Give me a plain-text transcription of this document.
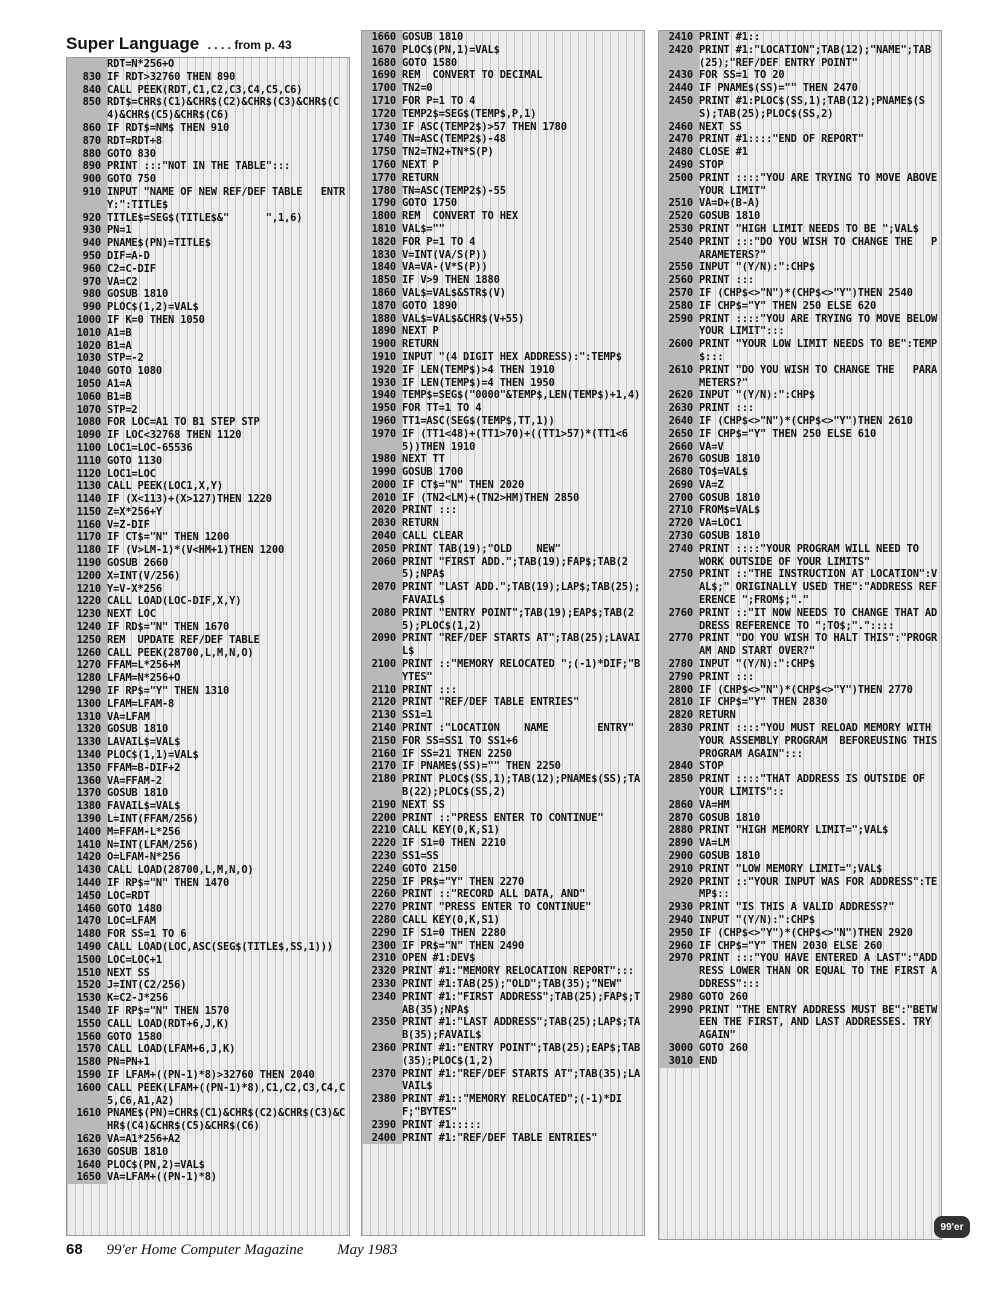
Super Language . . . . from p. 43
RDT=N*256+O
830 IF RDT>32760 THEN 890
840 CALL PEEK(RDT,C1,C2,C3,C4,C5,C6)
850 RDT$=CHR$(C1)&CHR$(C2)&CHR$(C3)&CHR$(C4)&CHR$(C5)&CHR$(C6)
860 IF RDT$=NM$ THEN 910
870 RDT=RDT+8
880 GOTO 830
890 PRINT :::"NOT IN THE TABLE":::
900 GOTO 750
910 INPUT "NAME OF NEW REF/DEF TABLE   ENTRY:":TITLE$
920 TITLE$=SEG$(TITLE$&"      ",1,6)
930 PN=1
940 PNAME$(PN)=TITLE$
950 DIF=A-D
960 C2=C-DIF
970 VA=C2
980 GOSUB 1810
990 PLOC$(1,2)=VAL$
1000 IF K=0 THEN 1050
1010 A1=B
1020 B1=A
1030 STP=-2
1040 GOTO 1080
1050 A1=A
1060 B1=B
1070 STP=2
1080 FOR LOC=A1 TO B1 STEP STP
1090 IF LOC<32768 THEN 1120
1100 LOC1=LOC-65536
1110 GOTO 1130
1120 LOC1=LOC
1130 CALL PEEK(LOC1,X,Y)
1140 IF (X<113)+(X>127)THEN 1220
1150 Z=X*256+Y
1160 V=Z-DIF
1170 IF CT$="N" THEN 1200
1180 IF (V>LM-1)*(V<HM+1)THEN 1200
1190 GOSUB 2660
1200 X=INT(V/256)
1210 Y=V-X*256
1220 CALL LOAD(LOC-DIF,X,Y)
1230 NEXT LOC
1240 IF RD$="N" THEN 1670
1250 REM  UPDATE REF/DEF TABLE
1260 CALL PEEK(28700,L,M,N,O)
1270 FFAM=L*256+M
1280 LFAM=N*256+O
1290 IF RP$="Y" THEN 1310
1300 LFAM=LFAM-8
1310 VA=LFAM
1320 GOSUB 1810
1330 LAVAIL$=VAL$
1340 PLOC$(1,1)=VAL$
1350 FFAM=B-DIF+2
1360 VA=FFAM-2
1370 GOSUB 1810
1380 FAVAIL$=VAL$
1390 L=INT(FFAM/256)
1400 M=FFAM-L*256
1410 N=INT(LFAM/256)
1420 O=LFAM-N*256
1430 CALL LOAD(28700,L,M,N,O)
1440 IF RP$="N" THEN 1470
1450 LOC=RDT
1460 GOTO 1480
1470 LOC=LFAM
1480 FOR SS=1 TO 6
1490 CALL LOAD(LOC,ASC(SEG$(TITLE$,SS,1)))
1500 LOC=LOC+1
1510 NEXT SS
1520 J=INT(C2/256)
1530 K=C2-J*256
1540 IF RP$="N" THEN 1570
1550 CALL LOAD(RDT+6,J,K)
1560 GOTO 1580
1570 CALL LOAD(LFAM+6,J,K)
1580 PN=PN+1
1590 IF LFAM+((PN-1)*8)>32760 THEN 2040
1600 CALL PEEK(LFAM+((PN-1)*8),C1,C2,C3,C4,C5,C6,A1,A2)
1610 PNAME$(PN)=CHR$(C1)&CHR$(C2)&CHR$(C3)&CHR$(C4)&CHR$(C5)&CHR$(C6)
1620 VA=A1*256+A2
1630 GOSUB 1810
1640 PLOC$(PN,2)=VAL$
1650 VA=LFAM+((PN-1)*8)
1660 GOSUB 1810
1670 PLOC$(PN,1)=VAL$
1680 GOTO 1580
1690 REM  CONVERT TO DECIMAL
1700 TN2=0
1710 FOR P=1 TO 4
1720 TEMP2$=SEG$(TEMP$,P,1)
1730 IF ASC(TEMP2$)>57 THEN 1780
1740 TN=ASC(TEMP2$)-48
1750 TN2=TN2+TN*S(P)
1760 NEXT P
1770 RETURN
1780 TN=ASC(TEMP2$)-55
1790 GOTO 1750
1800 REM  CONVERT TO HEX
1810 VAL$=""
1820 FOR P=1 TO 4
1830 V=INT(VA/S(P))
1840 VA=VA-(V*S(P))
1850 IF V>9 THEN 1880
1860 VAL$=VAL$&STR$(V)
1870 GOTO 1890
1880 VAL$=VAL$&CHR$(V+55)
1890 NEXT P
1900 RETURN
1910 INPUT "(4 DIGIT HEX ADDRESS):":TEMP$
1920 IF LEN(TEMP$)>4 THEN 1910
1930 IF LEN(TEMP$)=4 THEN 1950
1940 TEMP$=SEG$("0000"&TEMP$,LEN(TEMP$)+1,4)
1950 FOR TT=1 TO 4
1960 TT1=ASC(SEG$(TEMP$,TT,1))
1970 IF (TT1<48)+(TT1>70)+((TT1>57)*(TT1<65))THEN 1910
1980 NEXT TT
1990 GOSUB 1700
2000 IF CT$="N" THEN 2020
2010 IF (TN2<LM)+(TN2>HM)THEN 2850
2020 PRINT :::
2030 RETURN
2040 CALL CLEAR
2050 PRINT TAB(19);"OLD    NEW"
2060 PRINT "FIRST ADD.";TAB(19);FAP$;TAB(25);NPA$
2070 PRINT "LAST ADD.";TAB(19);LAP$;TAB(25);FAVAIL$
2080 PRINT "ENTRY POINT";TAB(19);EAP$;TAB(25);PLOC$(1,2)
2090 PRINT "REF/DEF STARTS AT";TAB(25);LAVAIL$
2100 PRINT ::"MEMORY RELOCATED ";(-1)*DIF;"BYTES"
2110 PRINT :::
2120 PRINT "REF/DEF TABLE ENTRIES"
2130 SS1=1
2140 PRINT :"LOCATION    NAME        ENTRY"
2150 FOR SS=SS1 TO SS1+6
2160 IF SS=21 THEN 2250
2170 IF PNAME$(SS)="" THEN 2250
2180 PRINT PLOC$(SS,1);TAB(12);PNAME$(SS);TAB(22);PLOC$(SS,2)
2190 NEXT SS
2200 PRINT ::"PRESS ENTER TO CONTINUE"
2210 CALL KEY(0,K,S1)
2220 IF S1=0 THEN 2210
2230 SS1=SS
2240 GOTO 2150
2250 IF PR$="Y" THEN 2270
2260 PRINT ::"RECORD ALL DATA, AND"
2270 PRINT "PRESS ENTER TO CONTINUE"
2280 CALL KEY(0,K,S1)
2290 IF S1=0 THEN 2280
2300 IF PR$="N" THEN 2490
2310 OPEN #1:DEV$
2320 PRINT #1:"MEMORY RELOCATION REPORT":::
2330 PRINT #1:TAB(25);"OLD";TAB(35);"NEW"
2340 PRINT #1:"FIRST ADDRESS";TAB(25);FAP$;TAB(35);NPA$
2350 PRINT #1:"LAST ADDRESS";TAB(25);LAP$;TAB(35);FAVAIL$
2360 PRINT #1:"ENTRY POINT";TAB(25);EAP$;TAB(35);PLOC$(1,2)
2370 PRINT #1:"REF/DEF STARTS AT";TAB(35);LAVAIL$
2380 PRINT #1::"MEMORY RELOCATED";(-1)*DIF;"BYTES"
2390 PRINT #1:::::
2400 PRINT #1:"REF/DEF TABLE ENTRIES"
2410 PRINT #1::
2420 PRINT #1:"LOCATION";TAB(12);"NAME";TAB(25);"REF/DEF ENTRY POINT"
2430 FOR SS=1 TO 20
2440 IF PNAME$(SS)="" THEN 2470
2450 PRINT #1:PLOC$(SS,1);TAB(12);PNAME$(SS);TAB(25);PLOC$(SS,2)
2460 NEXT SS
2470 PRINT #1::::"END OF REPORT"
2480 CLOSE #1
2490 STOP
2500 PRINT ::::"YOU ARE TRYING TO MOVE ABOVEYOUR LIMIT"
2510 VA=D+(B-A)
2520 GOSUB 1810
2530 PRINT "HIGH LIMIT NEEDS TO BE ";VAL$
2540 PRINT :::"DO YOU WISH TO CHANGE THE   PARAMETERS?"
2550 INPUT "(Y/N):":CHP$
2560 PRINT :::
2570 IF (CHP$<>"N")*(CHP$<>"Y")THEN 2540
2580 IF CHP$="Y" THEN 250 ELSE 620
2590 PRINT ::::"YOU ARE TRYING TO MOVE BELOWYOUR LIMIT":::
2600 PRINT "YOUR LOW LIMIT NEEDS TO BE":TEMP$:::
2610 PRINT "DO YOU WISH TO CHANGE THE   PARAMETERS?"
2620 INPUT "(Y/N):":CHP$
2630 PRINT :::
2640 IF (CHP$<>"N")*(CHP$<>"Y")THEN 2610
2650 IF CHP$="Y" THEN 250 ELSE 610
2660 VA=V
2670 GOSUB 1810
2680 TO$=VAL$
2690 VA=Z
2700 GOSUB 1810
2710 FROM$=VAL$
2720 VA=LOC1
2730 GOSUB 1810
2740 PRINT ::::"YOUR PROGRAM WILL NEED TO    WORK OUTSIDE OF YOUR LIMITS"
2750 PRINT ::"THE INSTRUCTION AT LOCATION":VAL$;" ORIGINALLY USED THE":"ADDRESS REFERENCE ";FROM$;"."
2760 PRINT ::"IT NOW NEEDS TO CHANGE THAT ADDRESS REFERENCE TO ";TO$;"."::::
2770 PRINT "DO YOU WISH TO HALT THIS":"PROGRAM AND START OVER?"
2780 INPUT "(Y/N):":CHP$
2790 PRINT :::
2800 IF (CHP$<>"N")*(CHP$<>"Y")THEN 2770
2810 IF CHP$="Y" THEN 2830
2820 RETURN
2830 PRINT ::::"YOU MUST RELOAD MEMORY WITH YOUR ASSEMBLY PROGRAM  BEFOREUSING THIS PROGRAM AGAIN":::
2840 STOP
2850 PRINT ::::"THAT ADDRESS IS OUTSIDE OF   YOUR LIMITS"::
2860 VA=HM
2870 GOSUB 1810
2880 PRINT "HIGH MEMORY LIMIT=";VAL$
2890 VA=LM
2900 GOSUB 1810
2910 PRINT "LOW MEMORY LIMIT=";VAL$
2920 PRINT ::"YOUR INPUT WAS FOR ADDRESS":TEMP$::
2930 PRINT "IS THIS A VALID ADDRESS?"
2940 INPUT "(Y/N):":CHP$
2950 IF (CHP$<>"Y")*(CHP$<>"N")THEN 2920
2960 IF CHP$="Y" THEN 2030 ELSE 260
2970 PRINT :::"YOU HAVE ENTERED A LAST":"ADDRESS LOWER THAN OR EQUAL TO THE FIRST ADDRESS":::
2980 GOTO 260
2990 PRINT "THE ENTRY ADDRESS MUST BE":"BETWEEN THE FIRST, AND LAST ADDRESSES. TRY AGAIN"
3000 GOTO 260
3010 END
68 99'er Home Computer Magazine May 1983
99'er
